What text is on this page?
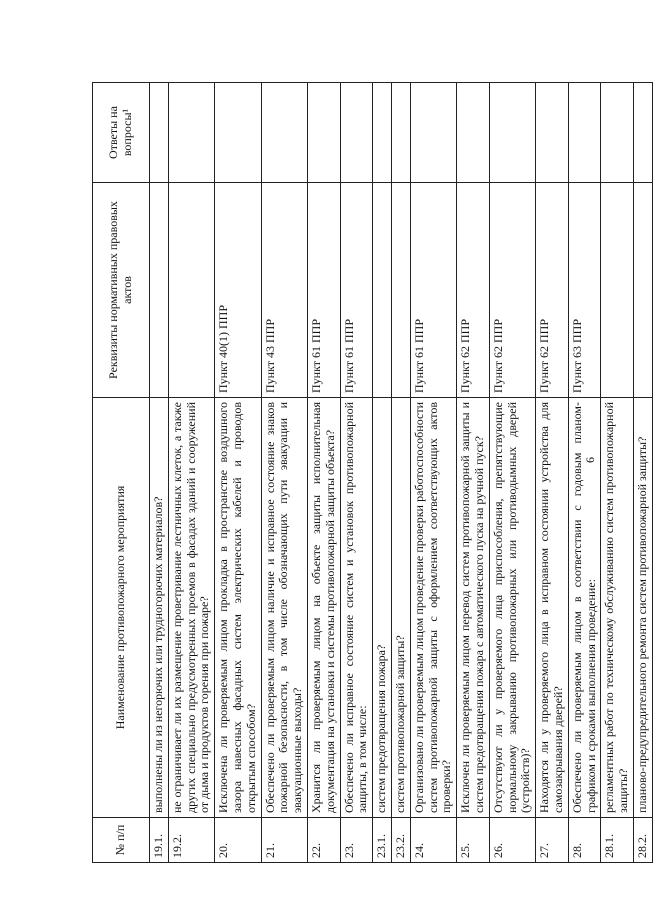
6
№ п/п	Наименование противопожарного мероприятия	Реквизиты нормативных правовых актов	Ответы на вопросы¹
19.1.	выполнены ли из негорючих или трудногорючих материалов?		
19.2.	не ограничивает ли их размещение проветривание лестничных клеток, а также других специально предусмотренных проемов в фасадах зданий и сооружений от дыма и продуктов горения при пожаре?		
20.	Исключена ли проверяемым лицом прокладка в пространстве воздушного зазора навесных фасадных систем электрических кабелей и проводов открытым способом?	Пункт 40(1) ППР	
21.	Обеспечено ли проверяемым лицом наличие и исправное состояние знаков пожарной безопасности, в том числе обозначающих пути эвакуации и эвакуационные выходы?	Пункт 43 ППР	
22.	Хранится ли проверяемым лицом на объекте защиты исполнительная документация на установки и системы противопожарной защиты объекта?	Пункт 61 ППР	
23.	Обеспечено ли исправное состояние систем и установок противопожарной защиты, в том числе:	Пункт 61 ППР	
23.1.	систем предотвращения пожара?		
23.2.	систем противопожарной защиты?		
24.	Организовано ли проверяемым лицом проведение проверки работоспособности систем противопожарной защиты с оформлением соответствующих актов проверки?	Пункт 61 ППР	
25.	Исключен ли проверяемым лицом перевод систем противопожарной защиты и систем предотвращения пожара с автоматического пуска на ручной пуск?	Пункт 62 ППР	
26.	Отсутствуют ли у проверяемого лица приспособления, препятствующие нормальному закрыванию противопожарных или противодымных дверей (устройств)?	Пункт 62 ППР	
27.	Находятся ли у проверяемого лица в исправном состоянии устройства для самозакрывания дверей?	Пункт 62 ППР	
28.	Обеспечено ли проверяемым лицом в соответствии с годовым планом-графиком и сроками выполнения проведение:	Пункт 63 ППР	
28.1.	регламентных работ по техническому обслуживанию систем противопожарной защиты?		
28.2.	планово-предупредительного ремонта систем противопожарной защиты?		
